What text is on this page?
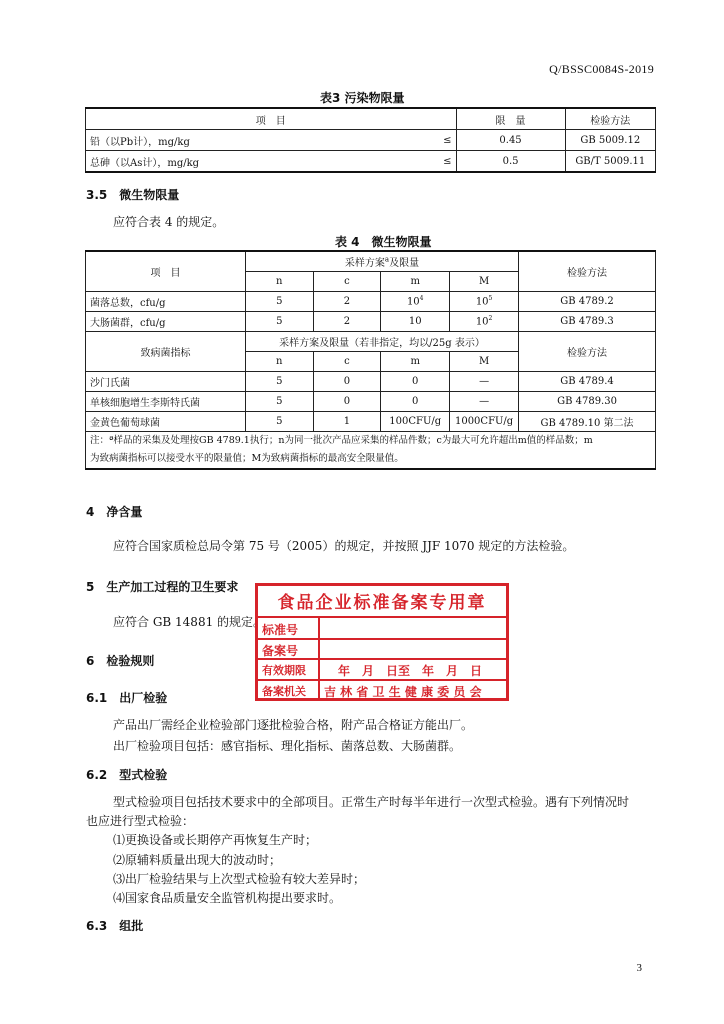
Q/BSSC0084S-2019
表3 污染物限量
项　目		限　量	检验方法
铅（以Pb计），mg/kg	≤	0.45	GB 5009.12
总砷（以As计），mg/kg	≤	0.5	GB/T 5009.11
3.5　微生物限量
应符合表 4 的规定。
表 4　微生物限量
项　目	采样方案$^a$及限量				检验方法
	n	c	m	M	
菌落总数，cfu/g	5	2	$10^4$	$10^5$	GB 4789.2
大肠菌群，cfu/g	5	2	10	$10^2$	GB 4789.3
致病菌指标	采样方案及限量（若非指定，均以/25g 表示）				检验方法
	n	c	m	M	
沙门氏菌	5	0	0	—	GB 4789.4
单核细胞增生李斯特氏菌	5	0	0	—	GB 4789.30
金黄色葡萄球菌	5	1	100CFU/g	1000CFU/g	GB 4789.10 第二法

注：ª样品的采集及处理按GB 4789.1执行；n为同一批次产品应采集的样品件数；c为最大可允许超出m值的样品数；m
为致病菌指标可以接受水平的限量值；M为致病菌指标的最高安全限量值。					
4　净含量
应符合国家质检总局令第 75 号（2005）的规定，并按照 JJF 1070 规定的方法检验。
5　生产加工过程的卫生要求
应符合 GB 14881 的规定。
6　检验规则
6.1　出厂检验
产品出厂需经企业检验部门逐批检验合格，附产品合格证方能出厂。
出厂检验项目包括：感官指标、理化指标、菌落总数、大肠菌群。
6.2　型式检验
型式检验项目包括技术要求中的全部项目。正常生产时每半年进行一次型式检验。遇有下列情况时
也应进行型式检验：
⑴更换设备或长期停产再恢复生产时；
⑵原辅料质量出现大的波动时；
⑶出厂检验结果与上次型式检验有较大差异时；
⑷国家食品质量安全监管机构提出要求时。
6.3　组批
食品企业标准备案专用章
标准号
备案号
有效期限	年　月　日至　年　月　日
备案机关 吉 林 省 卫 生 健 康 委 员 会
3
